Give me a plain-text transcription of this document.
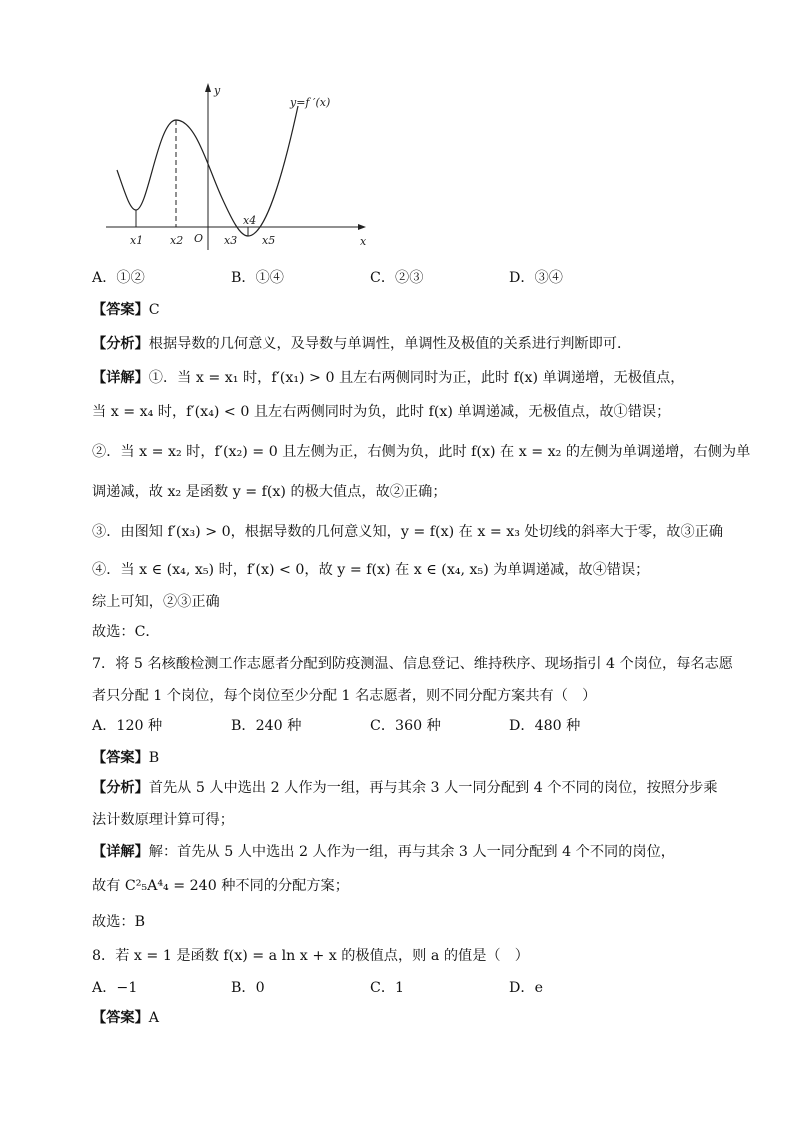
y
x
O
y=f ′(x)
x1 x2	x3
x4
x5
A．①②	B．①④	C．②③	D．③④
【答案】C
【分析】根据导数的几何意义，及导数与单调性，单调性及极值的关系进行判断即可．
【详解】①．当 x = x₁ 时，f′(x₁) > 0 且左右两侧同时为正，此时 f(x) 单调递增，无极值点，
当 x = x₄ 时，f′(x₄) < 0 且左右两侧同时为负，此时 f(x) 单调递减，无极值点，故①错误；
②．当 x = x₂ 时，f′(x₂) = 0 且左侧为正，右侧为负，此时 f(x) 在 x = x₂ 的左侧为单调递增，右侧为单
调递减，故 x₂ 是函数 y = f(x) 的极大值点，故②正确；
③．由图知 f′(x₃) > 0，根据导数的几何意义知，y = f(x) 在 x = x₃ 处切线的斜率大于零，故③正确
④．当 x ∈ (x₄, x₅) 时，f′(x) < 0，故 y = f(x) 在 x ∈ (x₄, x₅) 为单调递减，故④错误；
综上可知，②③正确
故选：C．
7．将 5 名核酸检测工作志愿者分配到防疫测温、信息登记、维持秩序、现场指引 4 个岗位，每名志愿
者只分配 1 个岗位，每个岗位至少分配 1 名志愿者，则不同分配方案共有（　）
A．120 种	B．240 种	C．360 种	D．480 种
【答案】B
【分析】首先从 5 人中选出 2 人作为一组，再与其余 3 人一同分配到 4 个不同的岗位，按照分步乘
法计数原理计算可得；
【详解】解：首先从 5 人中选出 2 人作为一组，再与其余 3 人一同分配到 4 个不同的岗位，
故有 C²₅A⁴₄ = 240 种不同的分配方案；
故选：B
8．若 x = 1 是函数 f(x) = a ln x + x 的极值点，则 a 的值是（　）
A．−1	B．0	C．1	D．e
【答案】A
